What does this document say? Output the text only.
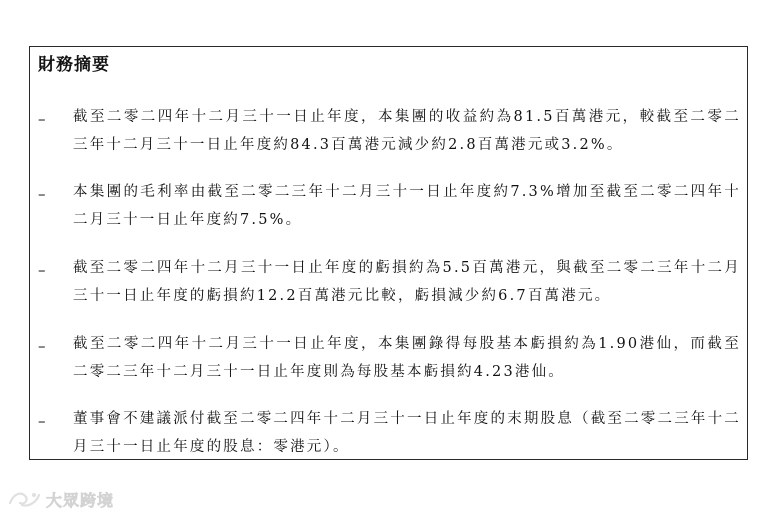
財務摘要
– 截至二零二四年十二月三十一日止年度，本集團的收益約為81.5百萬港元，較截至二零二三年十二月三十一日止年度約84.3百萬港元減少約2.8百萬港元或3.2%。
– 本集團的毛利率由截至二零二三年十二月三十一日止年度約7.3%增加至截至二零二四年十二月三十一日止年度約7.5%。
– 截至二零二四年十二月三十一日止年度的虧損約為5.5百萬港元，與截至二零二三年十二月三十一日止年度的虧損約12.2百萬港元比較，虧損減少約6.7百萬港元。
– 截至二零二四年十二月三十一日止年度，本集團錄得每股基本虧損約為1.90港仙，而截至二零二三年十二月三十一日止年度則為每股基本虧損約4.23港仙。
– 董事會不建議派付截至二零二四年十二月三十一日止年度的末期股息（截至二零二三年十二月三十一日止年度的股息：零港元）。
大眾跨境
